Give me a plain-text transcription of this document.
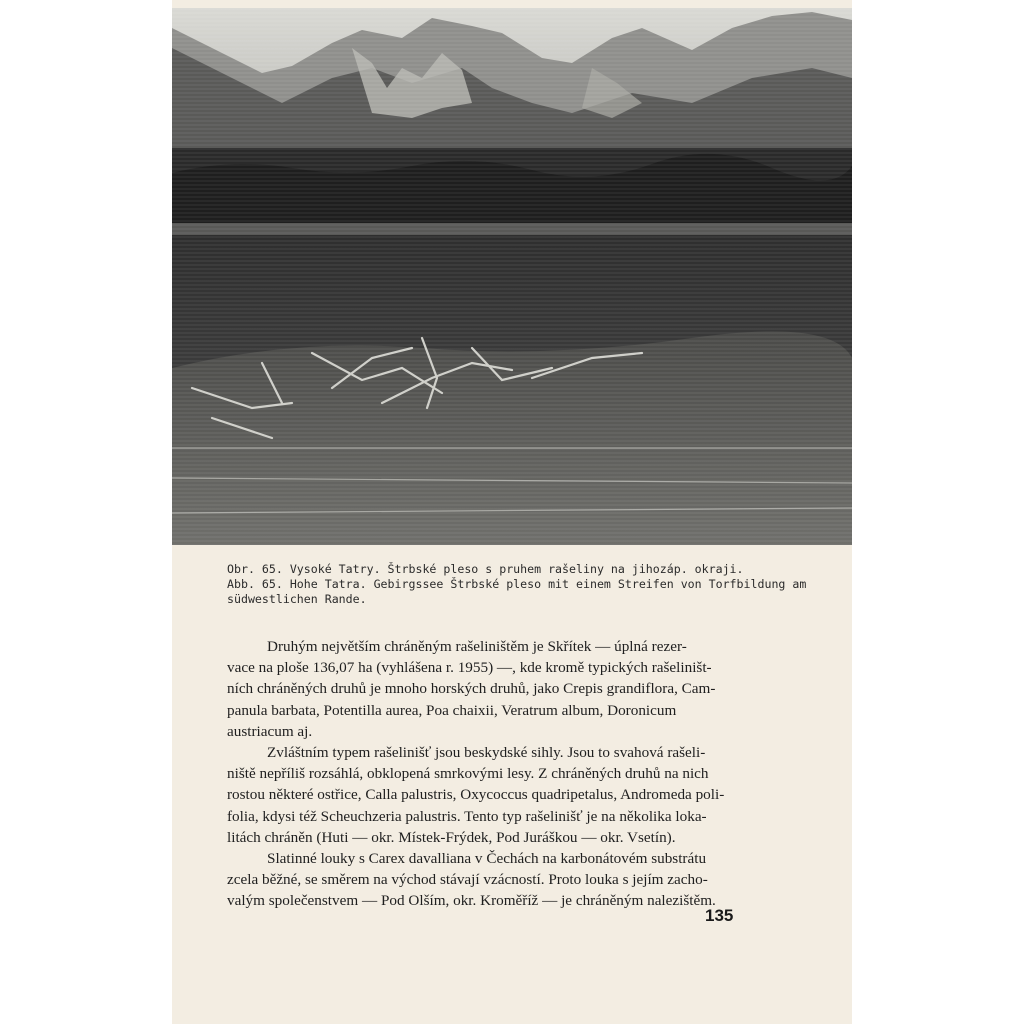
Obr. 65. Vysoké Tatry. Štrbské pleso s pruhem rašeliny na jihozáp. okraji.
Abb. 65. Hohe Tatra. Gebirgssee Štrbské pleso mit einem Streifen von Torfbildung am
südwestlichen Rande.
Druhým největším chráněným rašeliništěm je Skřítek — úplná rezer-
vace na ploše 136,07 ha (vyhlášena r. 1955) —, kde kromě typických rašeliništ-
ních chráněných druhů je mnoho horských druhů, jako Crepis grandiflora, Cam-
panula barbata, Potentilla aurea, Poa chaixii, Veratrum album, Doronicum
austriacum aj.
Zvláštním typem rašelinišť jsou beskydské sihly. Jsou to svahová rašeli-
niště nepříliš rozsáhlá, obklopená smrkovými lesy. Z chráněných druhů na nich
rostou některé ostřice, Calla palustris, Oxycoccus quadripetalus, Andromeda poli-
folia, kdysi též Scheuchzeria palustris. Tento typ rašelinišť je na několika loka-
litách chráněn (Huti — okr. Místek-Frýdek, Pod Juráškou — okr. Vsetín).
Slatinné louky s Carex davalliana v Čechách na karbonátovém substrátu
zcela běžné, se směrem na východ stávají vzácností. Proto louka s jejím zacho-
valým společenstvem — Pod Olším, okr. Kroměříž — je chráněným nalezištěm.
135
